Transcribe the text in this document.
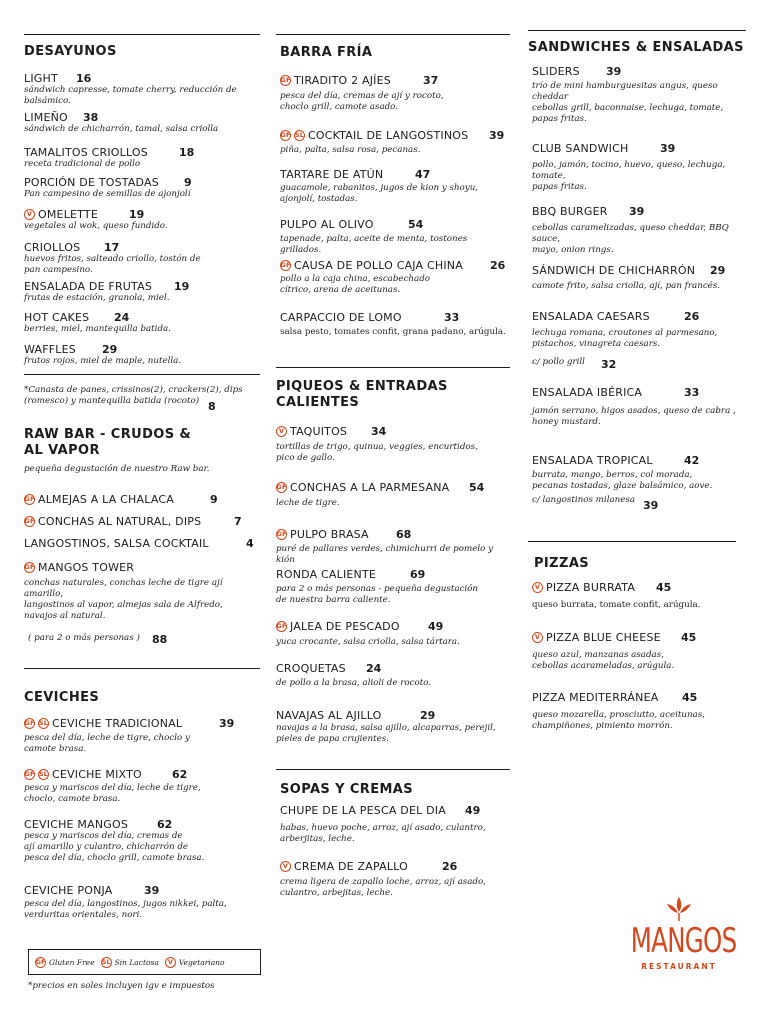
DESAYUNOS
LIGHT 16
sándwich capresse, tomate cherry, reducción de
balsámico.
LIMEÑO 38
sándwich de chicharrón, tamal, salsa criolla
TAMALITOS CRIOLLOS	18
receta tradicional de pollo
PORCIÓN DE TOSTADAS 9
Pan campesino de semillas de ajonjolí
V OMELETTE	19
vegetales al wok, queso fundido.
CRIOLLOS 17
huevos fritos, salteado criollo, tostón de
pan campesino.
ENSALADA DE FRUTAS 19
frutas de estación, granola, miel.
HOT CAKES 24
berries, miel, mantequilla batida.
WAFFLES 29
frutos rojos, miel de maple, nutella.
*Canasta de panes, crissinos(2), crackers(2), dips
(romesco) y mantequilla batida (rocoto) 8
RAW BAR - CRUDOS &
AL VAPOR
pequeña degustación de nuestro Raw bar.
GF ALMEJAS A LA CHALACA	9
GF CONCHAS AL NATURAL, DIPS	7
LANGOSTINOS, SALSA COCKTAIL	4
GF MANGOS TOWER
conchas naturales, conchas leche de tigre ají amarillo,
langostinos al vapor, almejas sala de Alfredo,
navajos al natural.
( para 2 o más personas )	88
CEVICHES
GF SL CEVICHE TRADICIONAL	39
pesca del día, leche de tigre, choclo y
camote brasa.
GF SL CEVICHE MIXTO	62
pesca y mariscos del día, leche de tigre,
choclo, camote brasa.
CEVICHE MANGOS	62
pesca y mariscos del día, cremas de
ají amarillo y culantro, chicharrón de
pesca del día, choclo grill, camote brasa.
CEVICHE PONJA	39
pesca del día, langostinos, jugos nikkei, palta,
verduritas orientales, nori.
GF Gluten Free SL Sin Lactosa	V Vegetariano
*precios en soles incluyen igv e impuestos
BARRA FRÍA
GF TIRADITO 2 AJÍES	37
pesca del día, cremas de ají y rocoto,
choclo grill, camote asado.
GF SL COCKTAIL DE LANGOSTINOS 39
piña, palta, salsa rosa, pecanas.
TARTARE DE ATÚN	47
guacamole, rabanitos, jugos de kion y shoyu,
ajonjolí, tostadas.
PULPO AL OLIVO	54
tapenade, palta, aceite de menta, tostones grillados.
GF CAUSA DE POLLO CAJA CHINA 26
pollo a la caja china, escabechado
cítrico, arena de aceitunas.
CARPACCIO DE LOMO	33
salsa pesto, tomates confit, grana padano, arúgula.
PIQUEOS & ENTRADAS
CALIENTES
V TAQUITOS 34
tortillas de trigo, quinua, veggies, encurtidos,
pico de gallo.
GF CONCHAS A LA PARMESANA 54
leche de tigre.
GF PULPO BRASA 68
puré de pallares verdes, chimichurri de pomelo y kión
RONDA CALIENTE	69
para 2 o más personas - pequeña degustación
de nuestra barra caliente.
GF JALEA DE PESCADO	49
yuca crocante, salsa criolla, salsa tártara.
CROQUETAS 24
de pollo a la brasa, alioli de rocoto.
NAVAJAS AL AJILLO	29
navajas a la brasa, salsa ajillo, alcaparras, perejil,
pieles de papa crujientes.
SOPAS Y CREMAS
CHUPE DE LA PESCA DEL DIA 49
habas, huevo poche, arroz, ají asado, culantro,
arberjitas, leche.
V CREMA DE ZAPALLO	26
crema ligera de zapallo loche, arroz, ají asado,
culantro, arbejitas, leche.
SANDWICHES & ENSALADAS
SLIDERS 39
trío de mini hamburguesitas angus, queso cheddar
cebollas grill, baconnaise, lechuga, tomate,
papas fritas.
CLUB SANDWICH	39
pollo, jamón, tocino, huevo, queso, lechuga, tomate,
papas fritas.
BBQ BURGER 39
cebollas caramelizadas, queso cheddar, BBQ sauce,
mayo, onion rings.
SÁNDWICH DE CHICHARRÓN 29
camote frito, salsa criolla, ají, pan francés.
ENSALADA CAESARS	26
lechuga romana, croutones al parmesano,
pistachos, vinagreta caesars.
c/ pollo grill	32
ENSALADA IBÉRICA	33
jamón serrano, higos asados, queso de cabra ,
honey mustard.
ENSALADA TROPICAL	42
burrata, mango, berros, col morada,
pecanas tostadas, glaze balsámico, aove.
c/ langostinos milanesa 39
PIZZAS
V PIZZA BURRATA 45
queso burrata, tomate confit, arúgula.
V PIZZA BLUE CHEESE 45
queso azul, manzanas asadas,
cebollas acarameladas, arúgula.
PIZZA MEDITERRÁNEA 45
queso mozarella, prosciutto, aceitunas,
champiñones, pimiento morrón.
MANGOS
RESTAURANT
